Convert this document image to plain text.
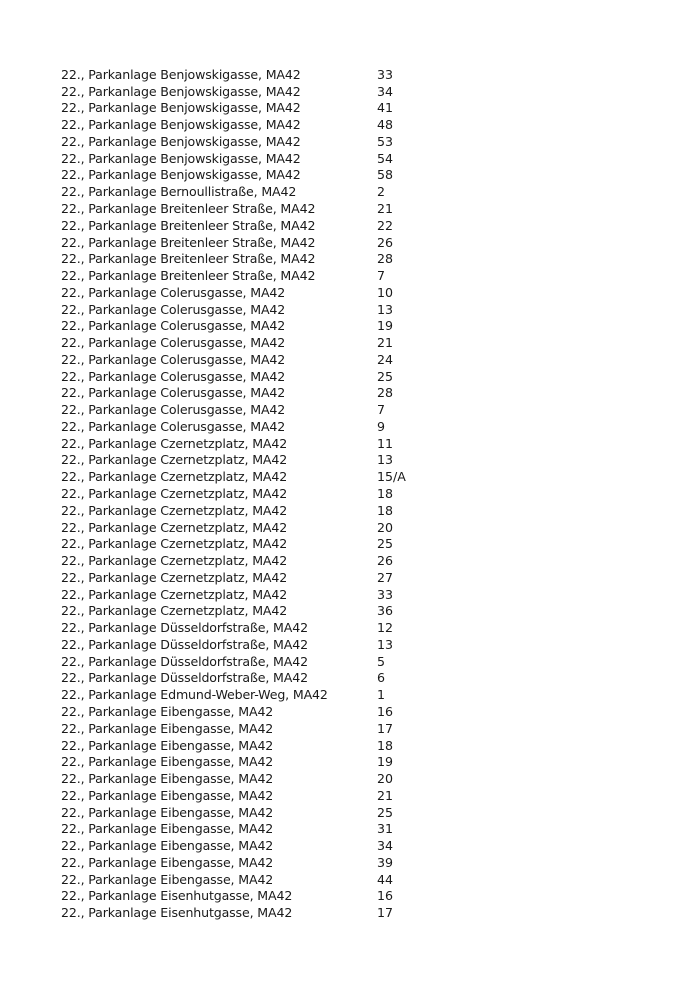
22., Parkanlage Benjowskigasse, MA42	33
22., Parkanlage Benjowskigasse, MA42	34
22., Parkanlage Benjowskigasse, MA42	41
22., Parkanlage Benjowskigasse, MA42	48
22., Parkanlage Benjowskigasse, MA42	53
22., Parkanlage Benjowskigasse, MA42	54
22., Parkanlage Benjowskigasse, MA42	58
22., Parkanlage Bernoullistraße, MA42	2
22., Parkanlage Breitenleer Straße, MA42	21
22., Parkanlage Breitenleer Straße, MA42	22
22., Parkanlage Breitenleer Straße, MA42	26
22., Parkanlage Breitenleer Straße, MA42	28
22., Parkanlage Breitenleer Straße, MA42	7
22., Parkanlage Colerusgasse, MA42	10
22., Parkanlage Colerusgasse, MA42	13
22., Parkanlage Colerusgasse, MA42	19
22., Parkanlage Colerusgasse, MA42	21
22., Parkanlage Colerusgasse, MA42	24
22., Parkanlage Colerusgasse, MA42	25
22., Parkanlage Colerusgasse, MA42	28
22., Parkanlage Colerusgasse, MA42	7
22., Parkanlage Colerusgasse, MA42	9
22., Parkanlage Czernetzplatz, MA42	11
22., Parkanlage Czernetzplatz, MA42	13
22., Parkanlage Czernetzplatz, MA42	15/A
22., Parkanlage Czernetzplatz, MA42	18
22., Parkanlage Czernetzplatz, MA42	18
22., Parkanlage Czernetzplatz, MA42	20
22., Parkanlage Czernetzplatz, MA42	25
22., Parkanlage Czernetzplatz, MA42	26
22., Parkanlage Czernetzplatz, MA42	27
22., Parkanlage Czernetzplatz, MA42	33
22., Parkanlage Czernetzplatz, MA42	36
22., Parkanlage Düsseldorfstraße, MA42	12
22., Parkanlage Düsseldorfstraße, MA42	13
22., Parkanlage Düsseldorfstraße, MA42	5
22., Parkanlage Düsseldorfstraße, MA42	6
22., Parkanlage Edmund-Weber-Weg, MA42	1
22., Parkanlage Eibengasse, MA42	16
22., Parkanlage Eibengasse, MA42	17
22., Parkanlage Eibengasse, MA42	18
22., Parkanlage Eibengasse, MA42	19
22., Parkanlage Eibengasse, MA42	20
22., Parkanlage Eibengasse, MA42	21
22., Parkanlage Eibengasse, MA42	25
22., Parkanlage Eibengasse, MA42	31
22., Parkanlage Eibengasse, MA42	34
22., Parkanlage Eibengasse, MA42	39
22., Parkanlage Eibengasse, MA42	44
22., Parkanlage Eisenhutgasse, MA42	16
22., Parkanlage Eisenhutgasse, MA42	17
